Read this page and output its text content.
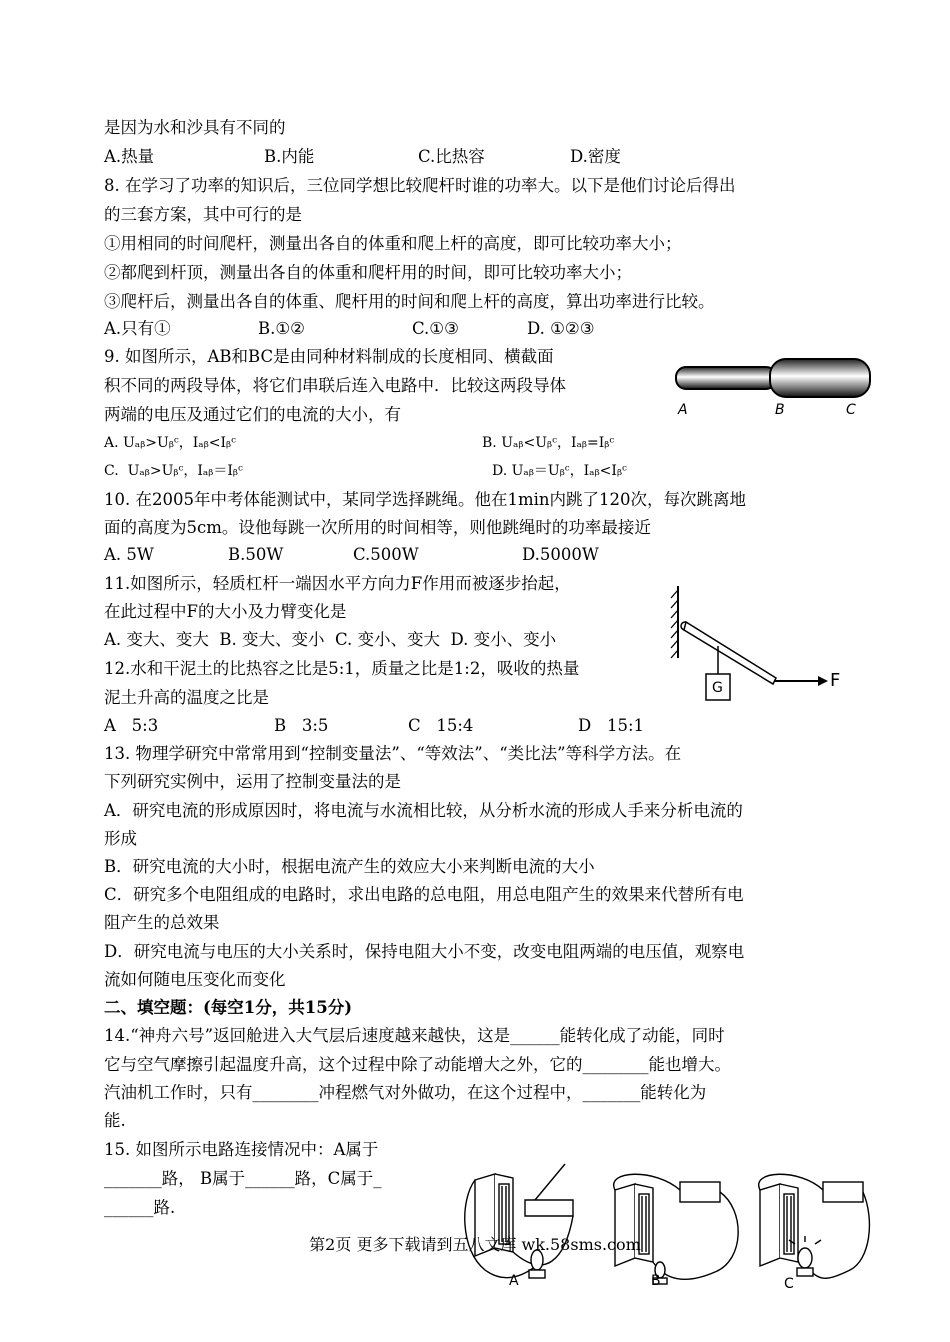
是因为水和沙具有不同的
A.热量	B.内能	C.比热容	D.密度
8. 在学习了功率的知识后，三位同学想比较爬杆时谁的功率大。以下是他们讨论后得出
的三套方案，其中可行的是
①用相同的时间爬杆，测量出各自的体重和爬上杆的高度，即可比较功率大小；
②都爬到杆顶，测量出各自的体重和爬杆用的时间，即可比较功率大小；
③爬杆后，测量出各自的体重、爬杆用的时间和爬上杆的高度，算出功率进行比较。
A.只有①	B.①②	C.①③	D. ①②③
9. 如图所示，AB和BC是由同种材料制成的长度相同、横截面
积不同的两段导体，将它们串联后连入电路中．比较这两段导体
两端的电压及通过它们的电流的大小，有
A. Uₐᵦ>Uᵦᶜ，Iₐᵦ<Iᵦᶜ	B. Uₐᵦ<Uᵦᶜ，Iₐᵦ=Iᵦᶜ
C.  Uₐᵦ>Uᵦᶜ，Iₐᵦ＝Iᵦᶜ	D. Uₐᵦ＝Uᵦᶜ，Iₐᵦ<Iᵦᶜ
A	B	C
10. 在2005年中考体能测试中，某同学选择跳绳。他在1min内跳了120次，每次跳离地
面的高度为5cm。设他每跳一次所用的时间相等，则他跳绳时的功率最接近
A. 5W	B.50W	C.500W	D.5000W
11.如图所示，轻质杠杆一端因水平方向力F作用而被逐步抬起，
在此过程中F的大小及力臂变化是
A. 变大、变大  B. 变大、变小  C. 变小、变大  D. 变小、变小
12.水和干泥土的比热容之比是5:1，质量之比是1:2，吸收的热量
泥土升高的温度之比是	G	F
A   5:3	B   3:5	C   15:4	D   15:1
13. 物理学研究中常常用到“控制变量法”、“等效法”、“类比法”等科学方法。在
下列研究实例中，运用了控制变量法的是
A．研究电流的形成原因时，将电流与水流相比较，从分析水流的形成人手来分析电流的
形成
B．研究电流的大小时，根据电流产生的效应大小来判断电流的大小
C．研究多个电阻组成的电路时，求出电路的总电阻，用总电阻产生的效果来代替所有电
阻产生的总效果
D．研究电流与电压的大小关系时，保持电阻大小不变，改变电阻两端的电压值，观察电
流如何随电压变化而变化
二、填空题：(每空1分，共15分)
14.“神舟六号”返回舱进入大气层后速度越来越快，这是______能转化成了动能，同时
它与空气摩擦引起温度升高，这个过程中除了动能增大之外，它的________能也增大。
汽油机工作时，只有________冲程燃气对外做功，在这个过程中，_______能转化为
能.
15. 如图所示电路连接情况中：A属于
_______路， B属于______路，C属于_
______路.
A	B	C
第2页 更多下载请到五八文库 wk.58sms.com
